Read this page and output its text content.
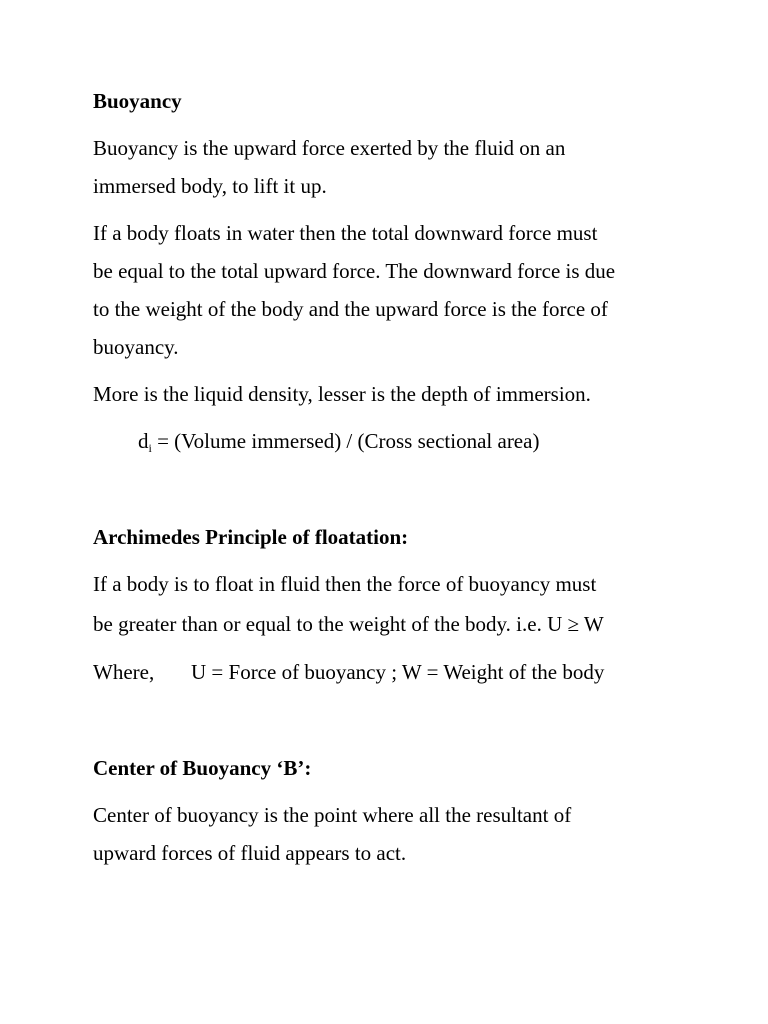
Buoyancy
Buoyancy is the upward force exerted by the fluid on an
immersed body, to lift it up.
If a body floats in water then the total downward force must
be equal to the total upward force. The downward force is due
to the weight of the body and the upward force is the force of
buoyancy.
More is the liquid density, lesser is the depth of immersion.
$d_i$ = (Volume immersed) / (Cross sectional area)
Archimedes Principle of floatation:
If a body is to float in fluid then the force of buoyancy must
be greater than or equal to the weight of the body. i.e. U ≥ W
Where, U = Force of buoyancy ; W = Weight of the body
Center of Buoyancy ‘B’:
Center of buoyancy is the point where all the resultant of
upward forces of fluid appears to act.
